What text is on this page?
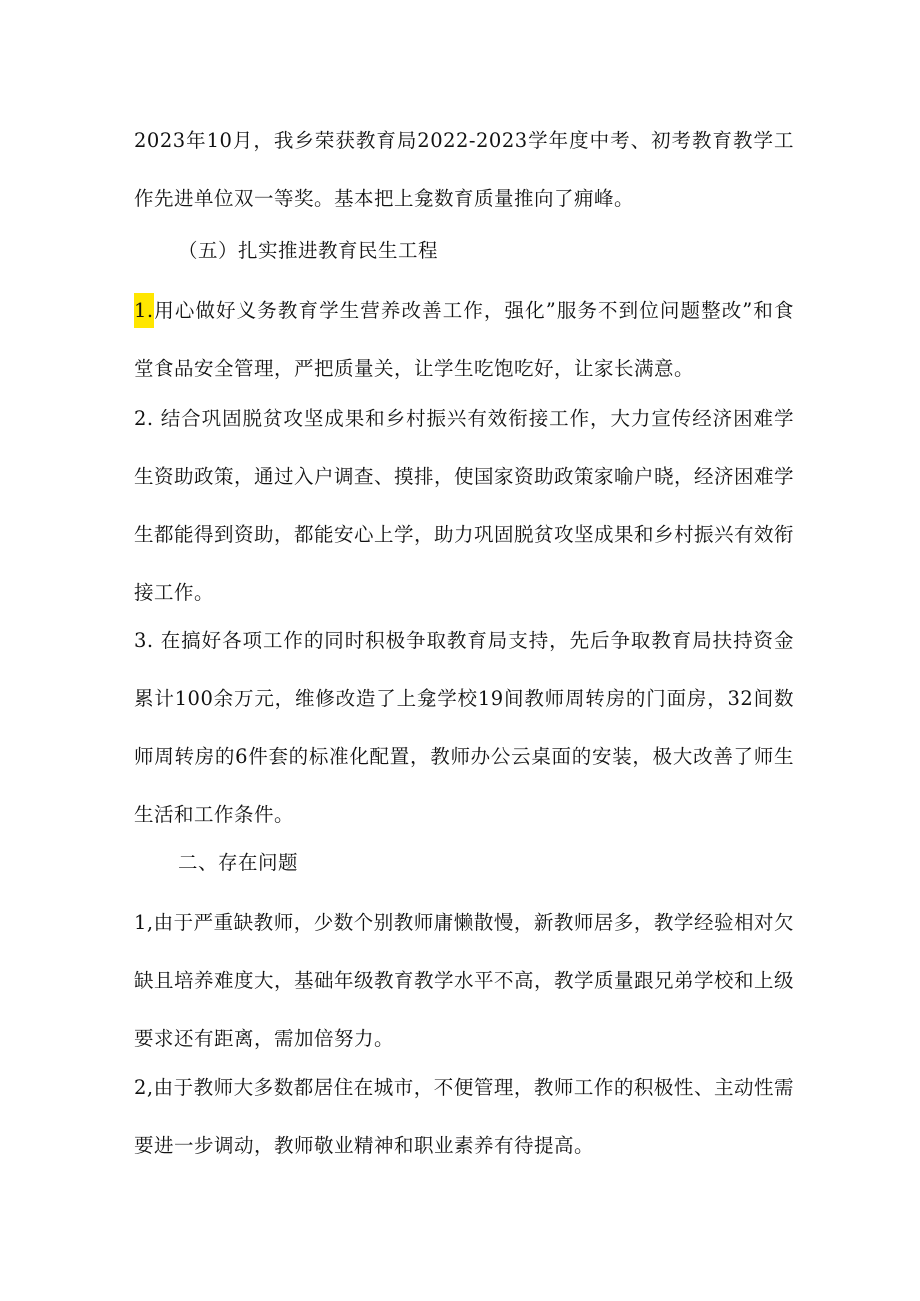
2023年10月，我乡荣获教育局2022-2023学年度中考、初考教育教学工作先进单位双一等奖。基本把上龛数育质量推向了痈峰。

（五）扎实推进教育民生工程

1.用心做好义务教育学生营养改善工作，强化”服务不到位问题整改”和食堂食品安全管理，严把质量关，让学生吃饱吃好，让家长满意。

2. 结合巩固脱贫攻坚成果和乡村振兴有效衔接工作，大力宣传经济困难学生资助政策，通过入户调查、摸排，使国家资助政策家喻户晓，经济困难学生都能得到资助，都能安心上学，助力巩固脱贫攻坚成果和乡村振兴有效衔接工作。

3. 在搞好各项工作的同时积极争取教育局支持，先后争取教育局扶持资金累计100余万元，维修改造了上龛学校19间教师周转房的门面房，32间数师周转房的6件套的标准化配置，教师办公云桌面的安装，极大改善了师生生活和工作条件。

二、存在问题

1,由于严重缺教师，少数个别教师庸懒散慢，新教师居多，教学经验相对欠缺且培养难度大，基础年级教育教学水平不高，教学质量跟兄弟学校和上级要求还有距离，需加倍努力。

2,由于教师大多数都居住在城市，不便管理，教师工作的积极性、主动性需要进一步调动，教师敬业精神和职业素养有待提高。
